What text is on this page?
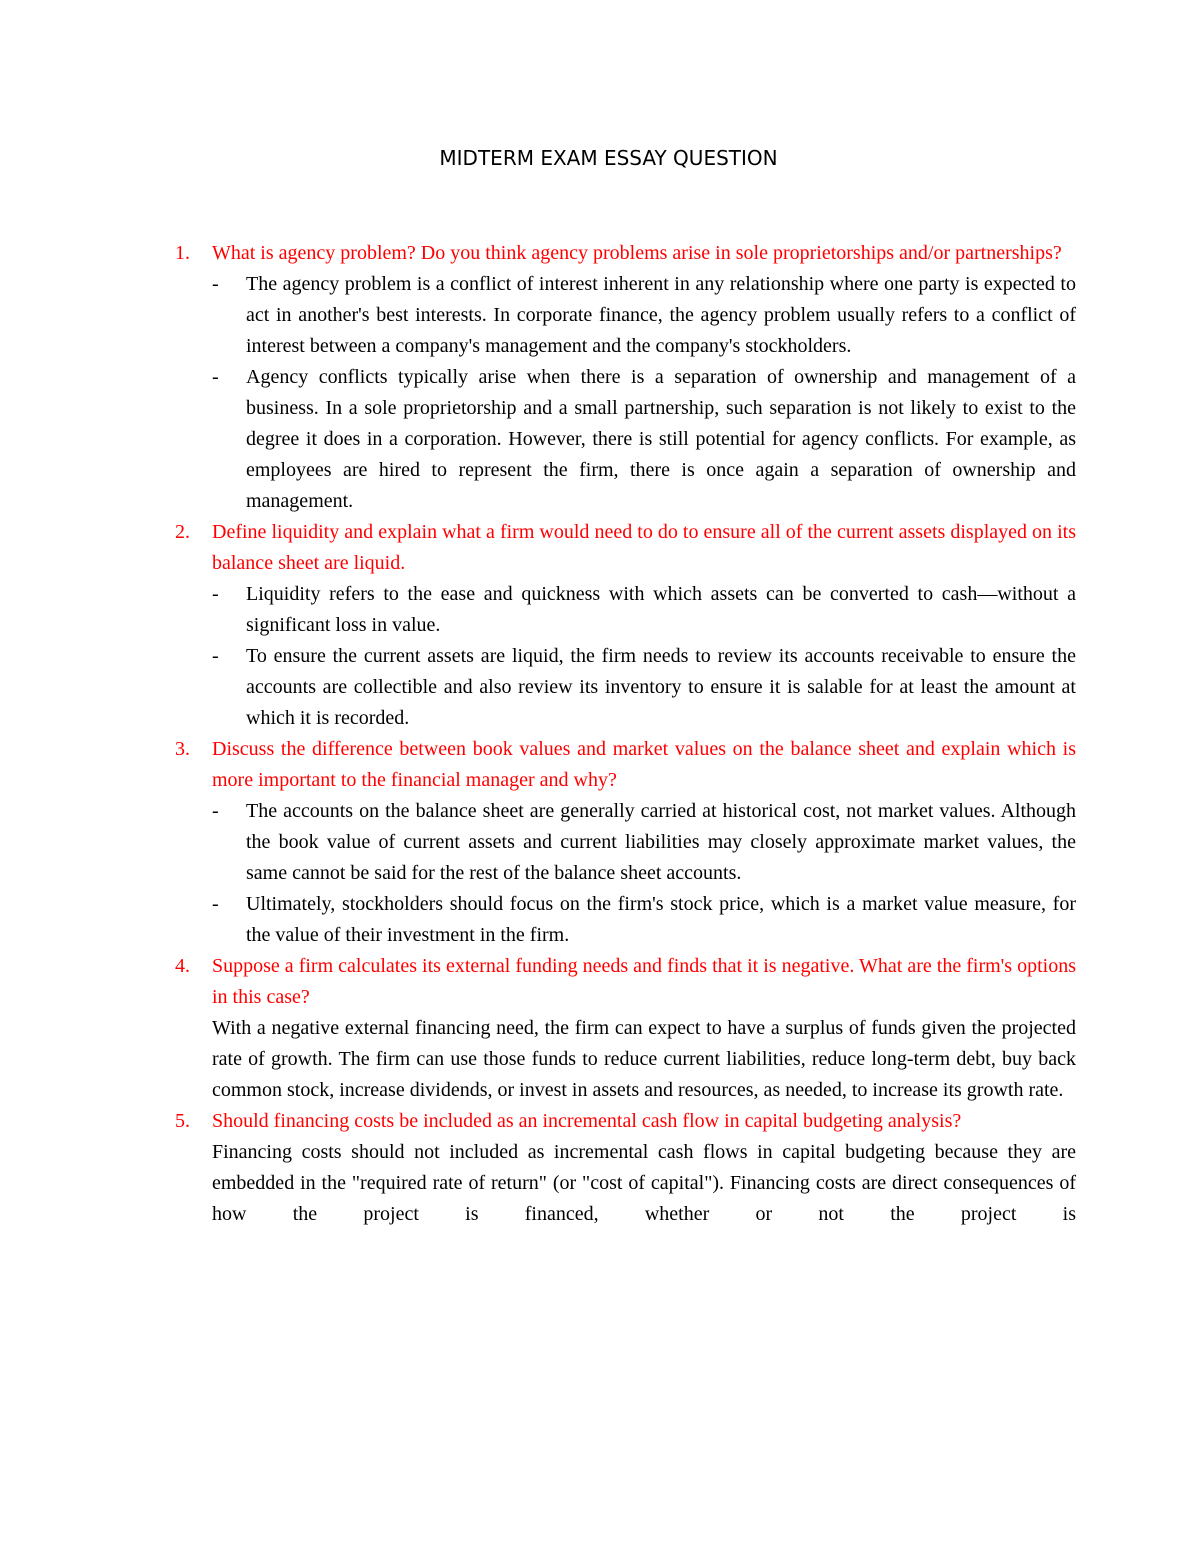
MIDTERM EXAM ESSAY QUESTION
1. What is agency problem? Do you think agency problems arise in sole proprietorships and/or partnerships?
- The agency problem is a conflict of interest inherent in any relationship where one party is expected to act in another's best interests. In corporate finance, the agency problem usually refers to a conflict of interest between a company's management and the company's stockholders.
- Agency conflicts typically arise when there is a separation of ownership and management of a business. In a sole proprietorship and a small partnership, such separation is not likely to exist to the degree it does in a corporation. However, there is still potential for agency conflicts. For example, as employees are hired to represent the firm, there is once again a separation of ownership and management.
2. Define liquidity and explain what a firm would need to do to ensure all of the current assets displayed on its balance sheet are liquid.
- Liquidity refers to the ease and quickness with which assets can be converted to cash—without a significant loss in value.
- To ensure the current assets are liquid, the firm needs to review its accounts receivable to ensure the accounts are collectible and also review its inventory to ensure it is salable for at least the amount at which it is recorded.
3. Discuss the difference between book values and market values on the balance sheet and explain which is more important to the financial manager and why?
- The accounts on the balance sheet are generally carried at historical cost, not market values. Although the book value of current assets and current liabilities may closely approximate market values, the same cannot be said for the rest of the balance sheet accounts.
- Ultimately, stockholders should focus on the firm's stock price, which is a market value measure, for the value of their investment in the firm.
4. Suppose a firm calculates its external funding needs and finds that it is negative. What are the firm's options in this case?
With a negative external financing need, the firm can expect to have a surplus of funds given the projected rate of growth. The firm can use those funds to reduce current liabilities, reduce long-term debt, buy back common stock, increase dividends, or invest in assets and resources, as needed, to increase its growth rate.
5. Should financing costs be included as an incremental cash flow in capital budgeting analysis?
Financing costs should not included as incremental cash flows in capital budgeting because they are embedded in the "required rate of return" (or "cost of capital"). Financing costs are direct consequences of how the project is financed, whether or not the project is
